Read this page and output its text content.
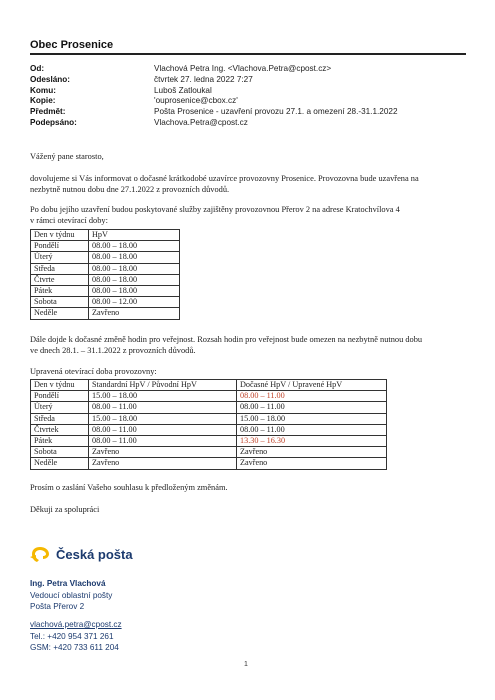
Obec Prosenice
Od:	Vlachová Petra Ing. <Vlachova.Petra@cpost.cz>
Odesláno:	čtvrtek 27. ledna 2022 7:27
Komu:	Luboš Zatloukal
Kopie:	'ouprosenice@cbox.cz'
Předmět:	Pošta Prosenice - uzavření provozu 27.1. a omezení 28.-31.1.2022
Podepsáno:	Vlachova.Petra@cpost.cz

Vážený pane starosto,

dovolujeme si Vás informovat o dočasné krátkodobé uzavírce provozovny Prosenice. Provozovna bude uzavřena na

nezbytně nutnou dobu dne 27.1.2022 z provozních důvodů.

Po dobu jejího uzavření budou poskytované služby zajištěny provozovnou Přerov 2 na adrese Kratochvílova 4

v rámci otevírací doby:

Den v týdnu	HpV
Pondělí	08.00 – 18.00
Úterý	08.00 – 18.00
Středa	08.00 – 18.00
Čtvrte	08.00 – 18.00
Pátek	08.00 – 18.00
Sobota	08.00 – 12.00
Neděle	Zavřeno

Dále dojde k dočasné změně hodin pro veřejnost. Rozsah hodin pro veřejnost bude omezen na nezbytně nutnou dobu

ve dnech 28.1. – 31.1.2022 z provozních důvodů.

Upravená otevírací doba provozovny:

Den v týdnu	Standardní HpV / Původní HpV	Dočasné HpV / Upravené HpV
Pondělí	15.00 – 18.00	08.00 – 11.00
Úterý	08.00 – 11.00	08.00 – 11.00
Středa	15.00 – 18.00	15.00 – 18.00
Čtvrtek	08.00 – 11.00	08.00 – 11.00
Pátek	08.00 – 11.00	13.30 – 16.30
Sobota	Zavřeno	Zavřeno
Neděle	Zavřeno	Zavřeno

Prosím o zaslání Vašeho souhlasu k předloženým změnám.

Děkuji za spolupráci

Česká pošta
Ing. Petra Vlachová
Vedoucí oblastní pošty
Pošta Přerov 2
vlachová.petra@cpost.cz
Tel.: +420 954 371 261
GSM: +420 733 611 204
1
